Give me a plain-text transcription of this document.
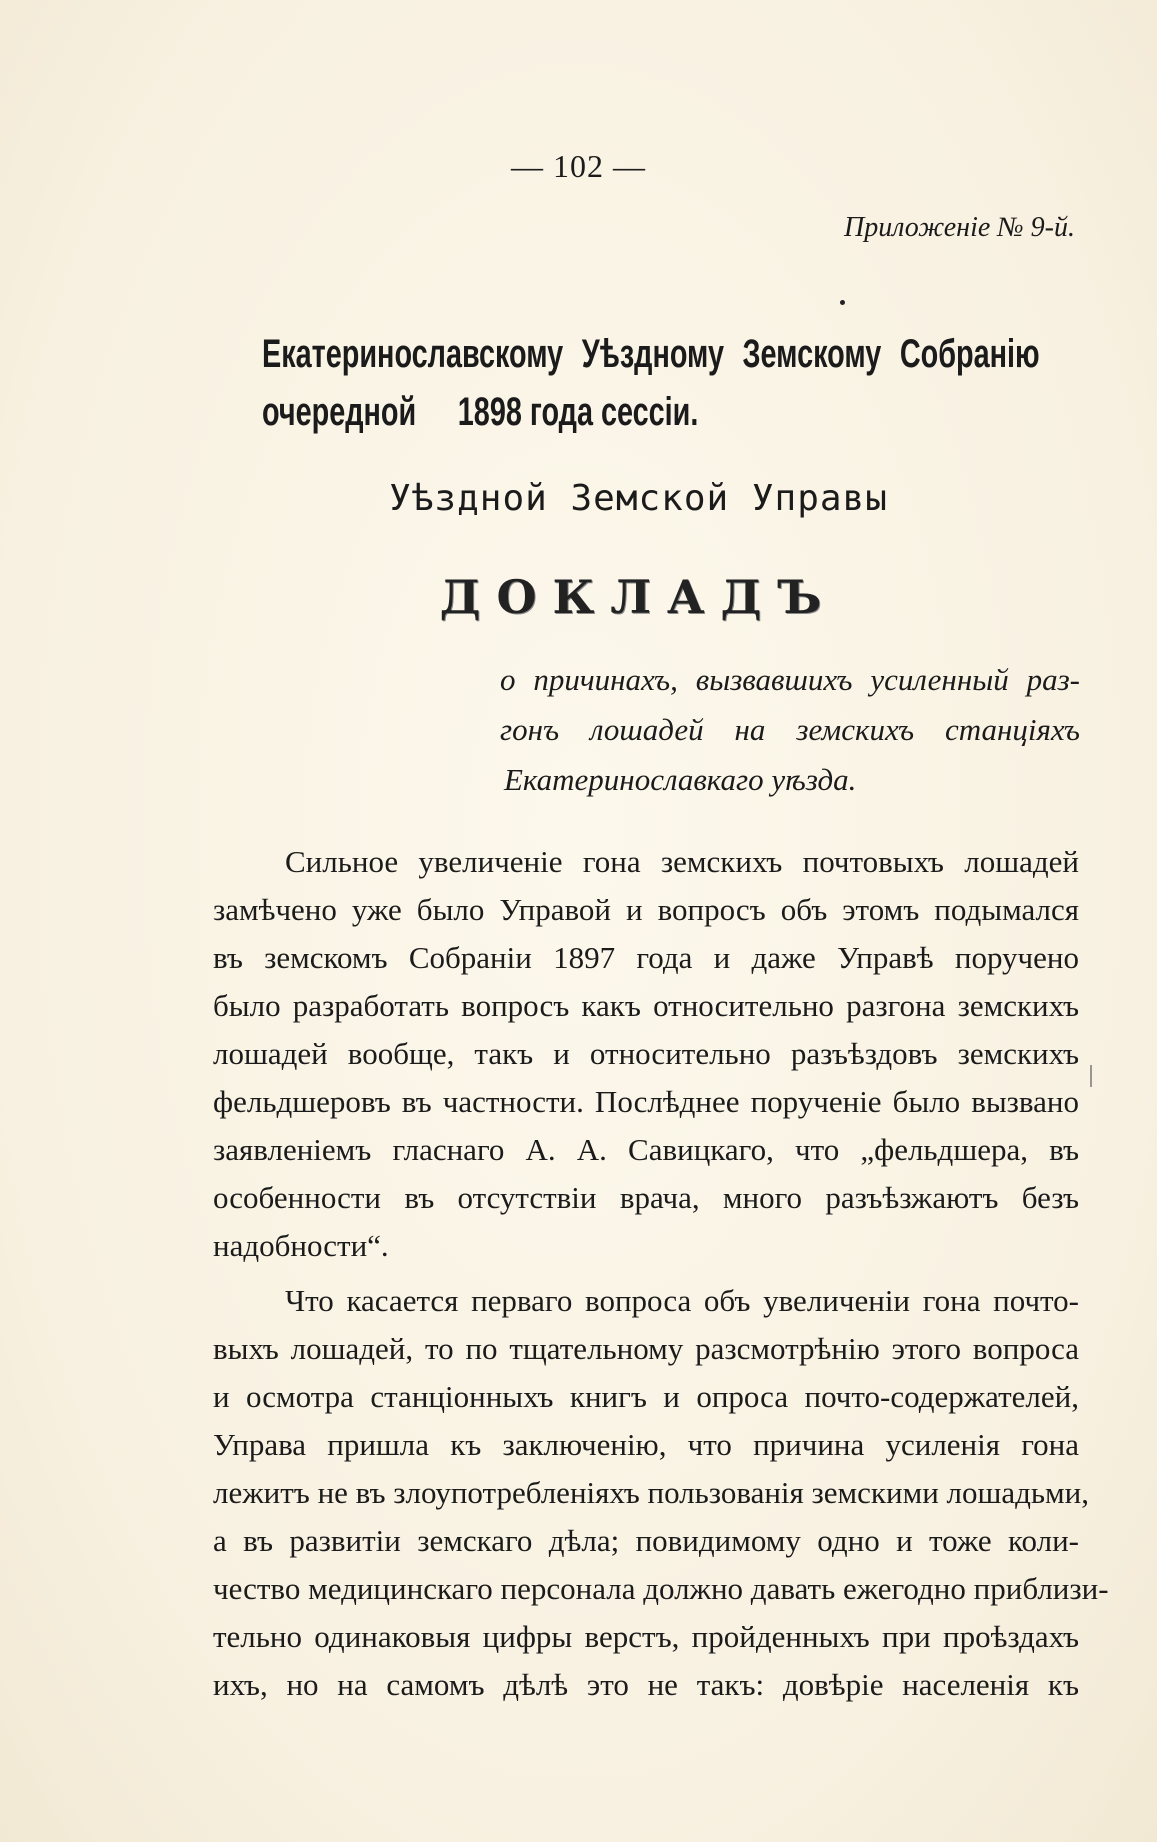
— 102 —
Приложеніе № 9-й.
Екатеринославскому Уѣздному Земскому Собранію очередной	1898 года сессіи.
Уѣздной Земской Управы
ДОКЛАДЪ
о причинахъ, вызвавшихъ усиленный раз-
гонъ лошадей на земскихъ станціяхъ
Екатеринославкаго уѣзда.
Сильное увеличеніе гона земскихъ почтовыхъ лошадей
замѣчено уже было Управой и вопросъ объ этомъ подымался
въ земскомъ Собраніи 1897 года и даже Управѣ поручено
было разработать вопросъ какъ относительно разгона земскихъ
лошадей вообще, такъ и относительно разъѣздовъ земскихъ
фельдшеровъ въ частности. Послѣднее порученіе было вызвано
заявленіемъ гласнаго А. А. Савицкаго, что „фельдшера, въ
особенности въ отсутствіи врача, много разъѣзжаютъ безъ
надобности“.
Что касается перваго вопроса объ увеличеніи гона почто-
выхъ лошадей, то по тщательному разсмотрѣнію этого вопроса
и осмотра станціонныхъ книгъ и опроса почто-содержателей,
Управа пришла къ заключенію, что причина усиленія гона
лежитъ не въ злоупотребленіяхъ пользованія земскими лошадьми,
а въ развитіи земскаго дѣла; повидимому одно и тоже коли-
чество медицинскаго персонала должно давать ежегодно приблизи-
тельно одинаковыя цифры верстъ, пройденныхъ при проѣздахъ
ихъ, но на самомъ дѣлѣ это не такъ: довѣріе населенія къ
